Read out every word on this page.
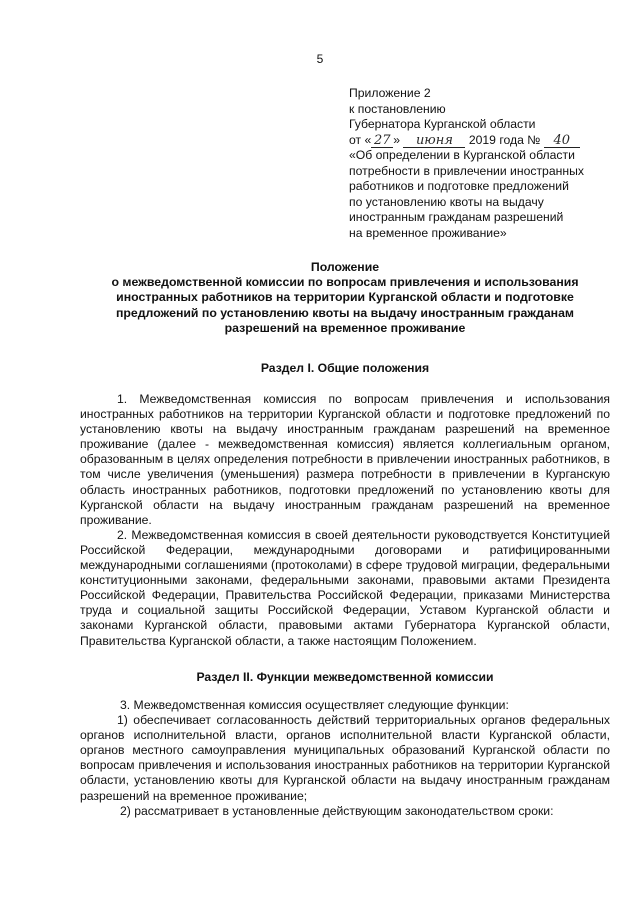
5
Приложение 2
к постановлению
Губернатора Курганской области
от « 27 » июня 2019 года № 40
«Об определении в Курганской области
потребности в привлечении иностранных
работников и подготовке предложений
по установлению квоты на выдачу
иностранным гражданам разрешений
на временное проживание»
Положение
о межведомственной комиссии по вопросам привлечения и использования
иностранных работников на территории Курганской области и подготовке
предложений по установлению квоты на выдачу иностранным гражданам
разрешений на временное проживание
Раздел I. Общие положения

1. Межведомственная комиссия по вопросам привлечения и использования иностранных работников на территории Курганской области и подготовке предложений по установлению квоты на выдачу иностранным гражданам разрешений на временное проживание (далее - межведомственная комиссия) является коллегиальным органом, образованным в целях определения потребности в привлечении иностранных работников, в том числе увеличения (уменьшения) размера потребности в привлечении в Курганскую область иностранных работников, подготовки предложений по установлению квоты для Курганской области на выдачу иностранным гражданам разрешений на временное проживание.

2. Межведомственная комиссия в своей деятельности руководствуется Конституцией Российской Федерации, международными договорами и ратифицированными международными соглашениями (протоколами) в сфере трудовой миграции, федеральными конституционными законами, федеральными законами, правовыми актами Президента Российской Федерации, Правительства Российской Федерации, приказами Министерства труда и социальной защиты Российской Федерации, Уставом Курганской области и законами Курганской области, правовыми актами Губернатора Курганской области, Правительства Курганской области, а также настоящим Положением.

Раздел II. Функции межведомственной комиссии

3. Межведомственная комиссия осуществляет следующие функции:

1) обеспечивает согласованность действий территориальных органов федеральных органов исполнительной власти, органов исполнительной власти Курганской области, органов местного самоуправления муниципальных образований Курганской области по вопросам привлечения и использования иностранных работников на территории Курганской области, установлению квоты для Курганской области на выдачу иностранным гражданам разрешений на временное проживание;

2) рассматривает в установленные действующим законодательством сроки:
